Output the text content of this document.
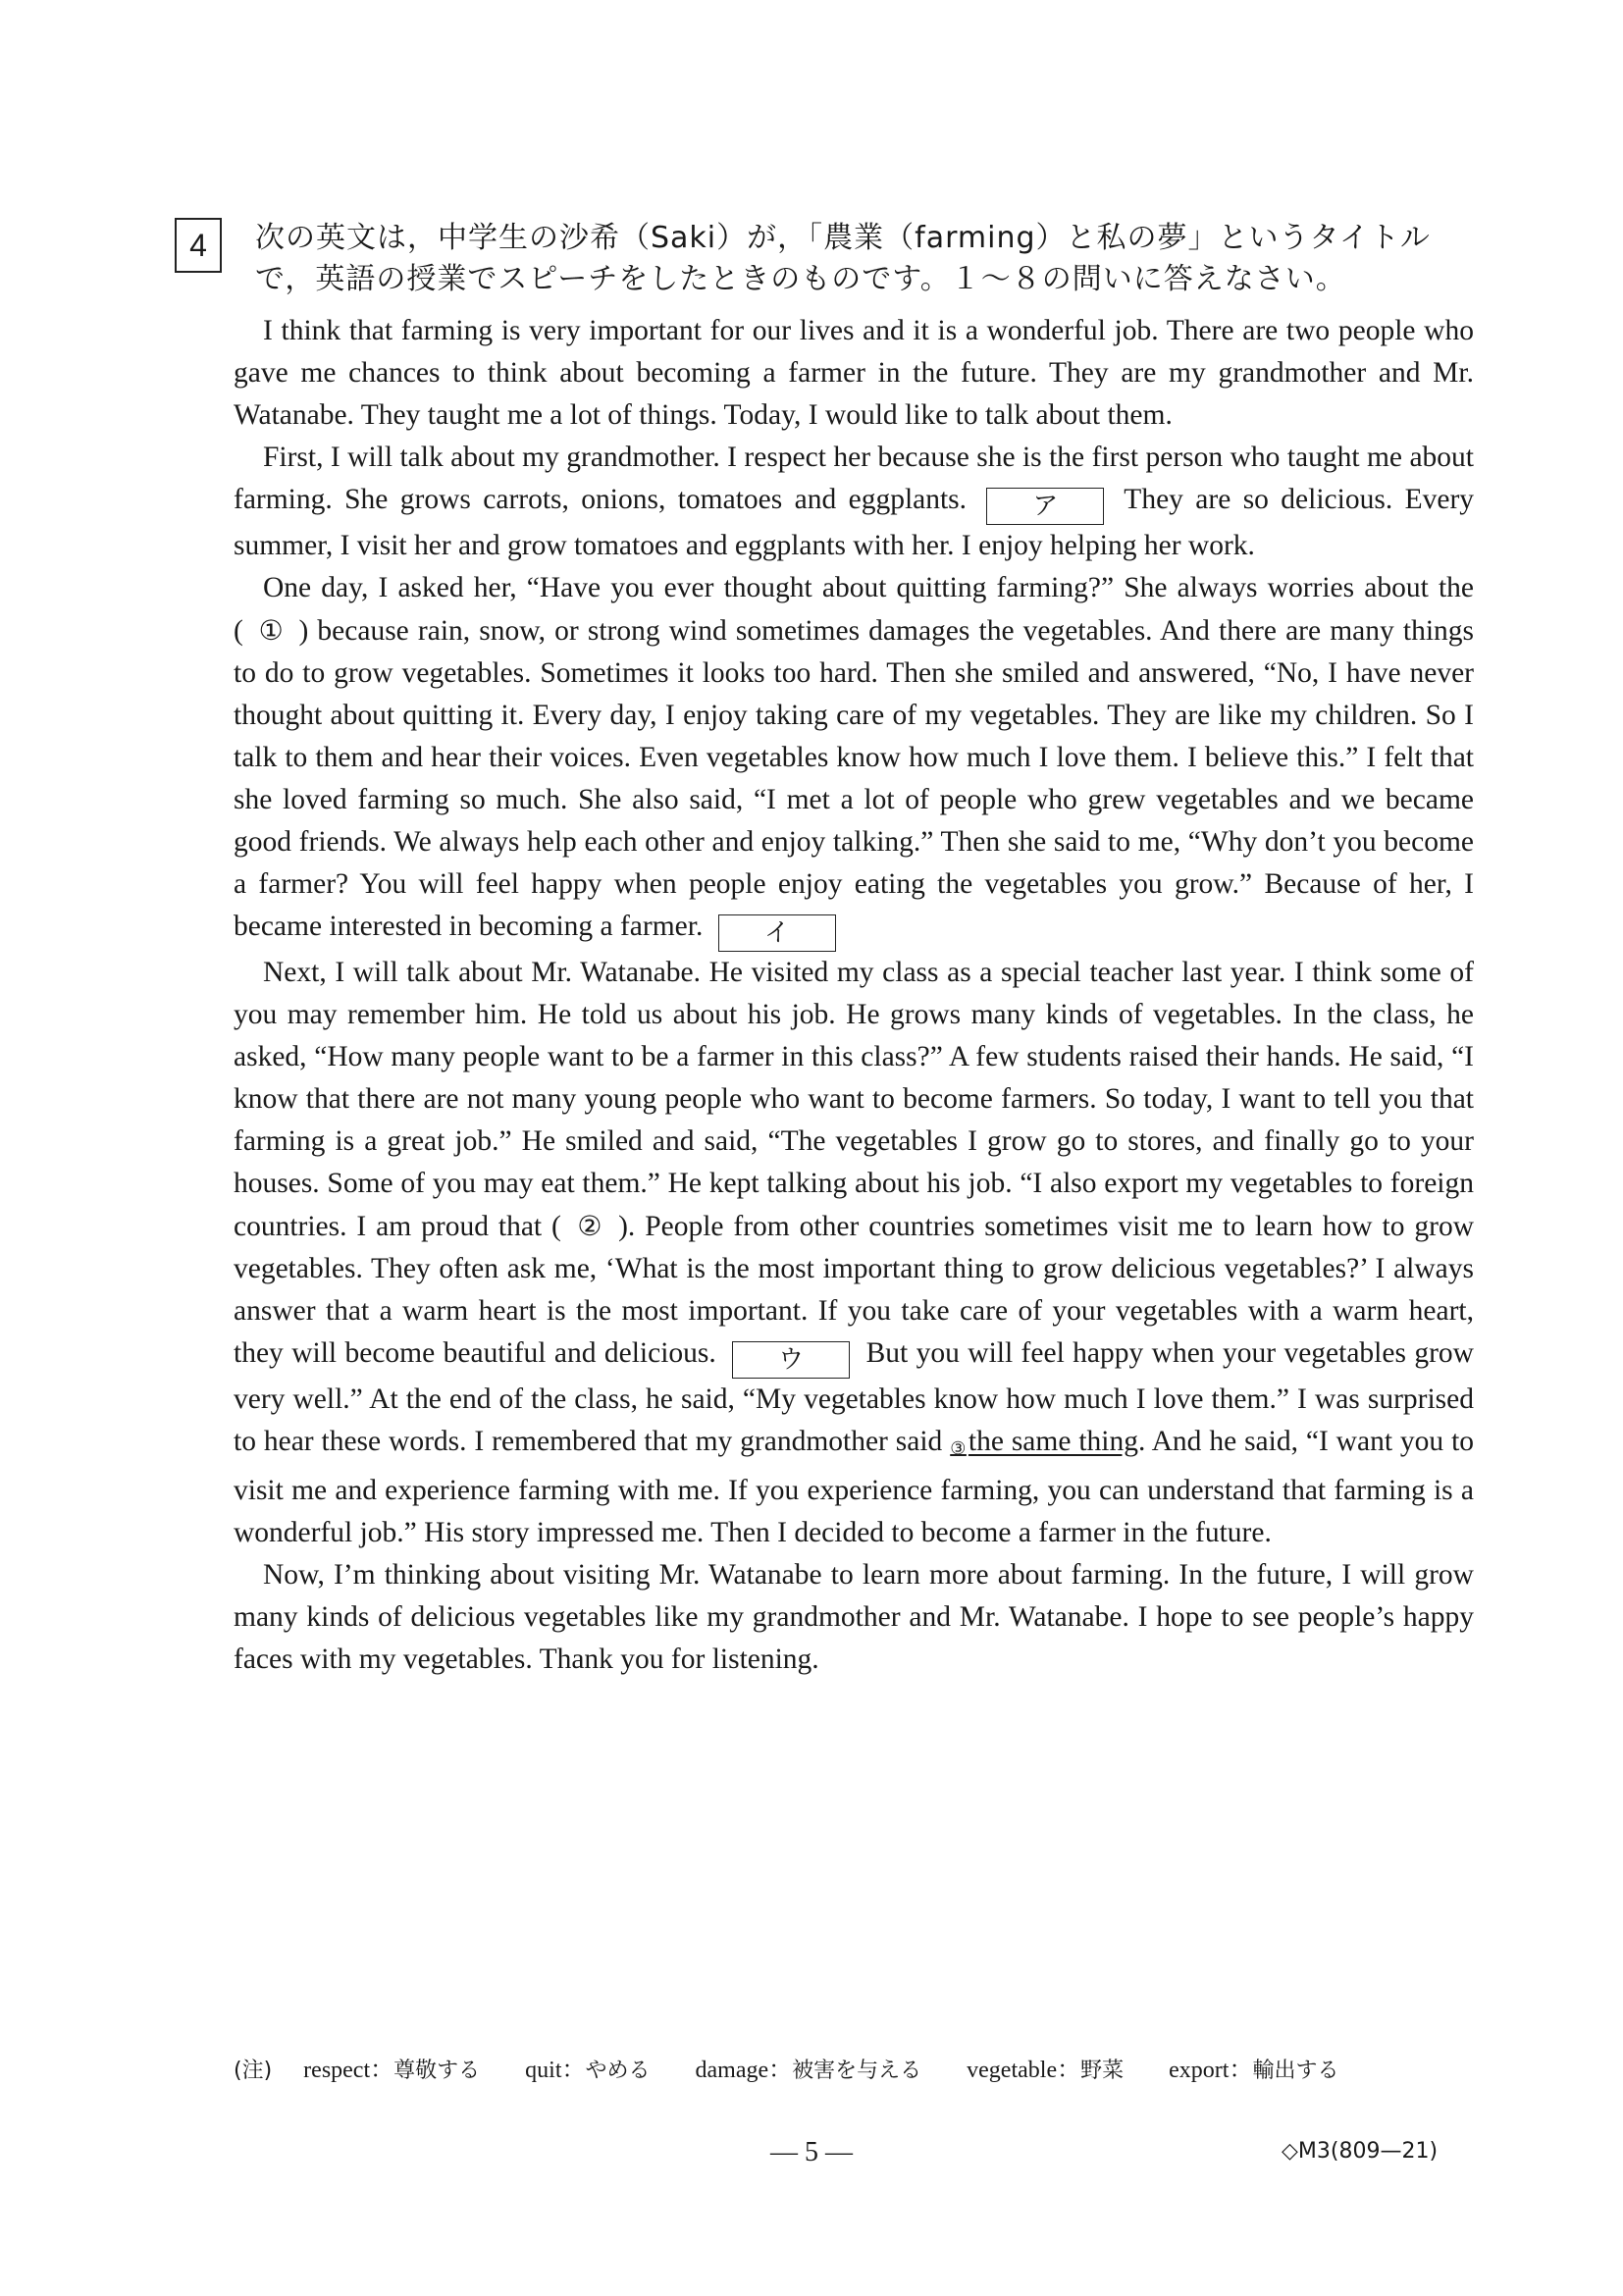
4	次の英文は，中学生の沙希（Saki）が，「農業（farming）と私の夢」というタイトルで，英語の授業でスピーチをしたときのものです。１～８の問いに答えなさい。

I think that farming is very important for our lives and it is a wonderful job. There are two people who gave me chances to think about becoming a farmer in the future. They are my grandmother and Mr. Watanabe. They taught me a lot of things. Today, I would like to talk about them.

First, I will talk about my grandmother. I respect her because she is the first person who taught me about farming. She grows carrots, onions, tomatoes and eggplants.	ア They are so delicious. Every summer, I visit her and grow tomatoes and eggplants with her. I enjoy helping her work.

One day, I asked her, “Have you ever thought about quitting farming?” She always worries about the ( ① ) because rain, snow, or strong wind sometimes damages the vegetables. And there are many things to do to grow vegetables. Sometimes it looks too hard. Then she smiled and answered, “No, I have never thought about quitting it. Every day, I enjoy taking care of my vegetables. They are like my children. So I talk to them and hear their voices. Even vegetables know how much I love them. I believe this.” I felt that she loved farming so much. She also said, “I met a lot of people who grew vegetables and we became good friends. We always help each other and enjoy talking.” Then she said to me, “Why don’t you become a farmer? You will feel happy when people enjoy eating the vegetables you grow.” Because of her, I became interested in becoming a farmer. イ

Next, I will talk about Mr. Watanabe. He visited my class as a special teacher last year. I think some of you may remember him. He told us about his job. He grows many kinds of vegetables. In the class, he asked, “How many people want to be a farmer in this class?” A few students raised their hands. He said, “I know that there are not many young people who want to become farmers. So today, I want to tell you that farming is a great job.” He smiled and said, “The vegetables I grow go to stores, and finally go to your houses. Some of you may eat them.” He kept talking about his job. “I also export my vegetables to foreign countries. I am proud that ( ② ). People from other countries sometimes visit me to learn how to grow vegetables. They often ask me, ‘What is the most important thing to grow delicious vegetables?’ I always answer that a warm heart is the most important. If you take care of your vegetables with a warm heart, they will become beautiful and delicious. ウ But you will feel happy when your vegetables grow very well.” At the end of the class, he said, “My vegetables know how much I love them.” I was surprised to hear these words. I remembered that my grandmother said ③the same thing. And he said, “I want you to visit me and experience farming with me. If you experience farming, you can understand that farming is a wonderful job.” His story impressed me. Then I decided to become a farmer in the future.

Now, I’m thinking about visiting Mr. Watanabe to learn more about farming. In the future, I will grow many kinds of delicious vegetables like my grandmother and Mr. Watanabe. I hope to see people’s happy faces with my vegetables. Thank you for listening.

(注) respect：尊敬する quit：やめる damage：被害を与える vegetable：野菜 export：輸出する
— 5 —	◇M3(809—21)
